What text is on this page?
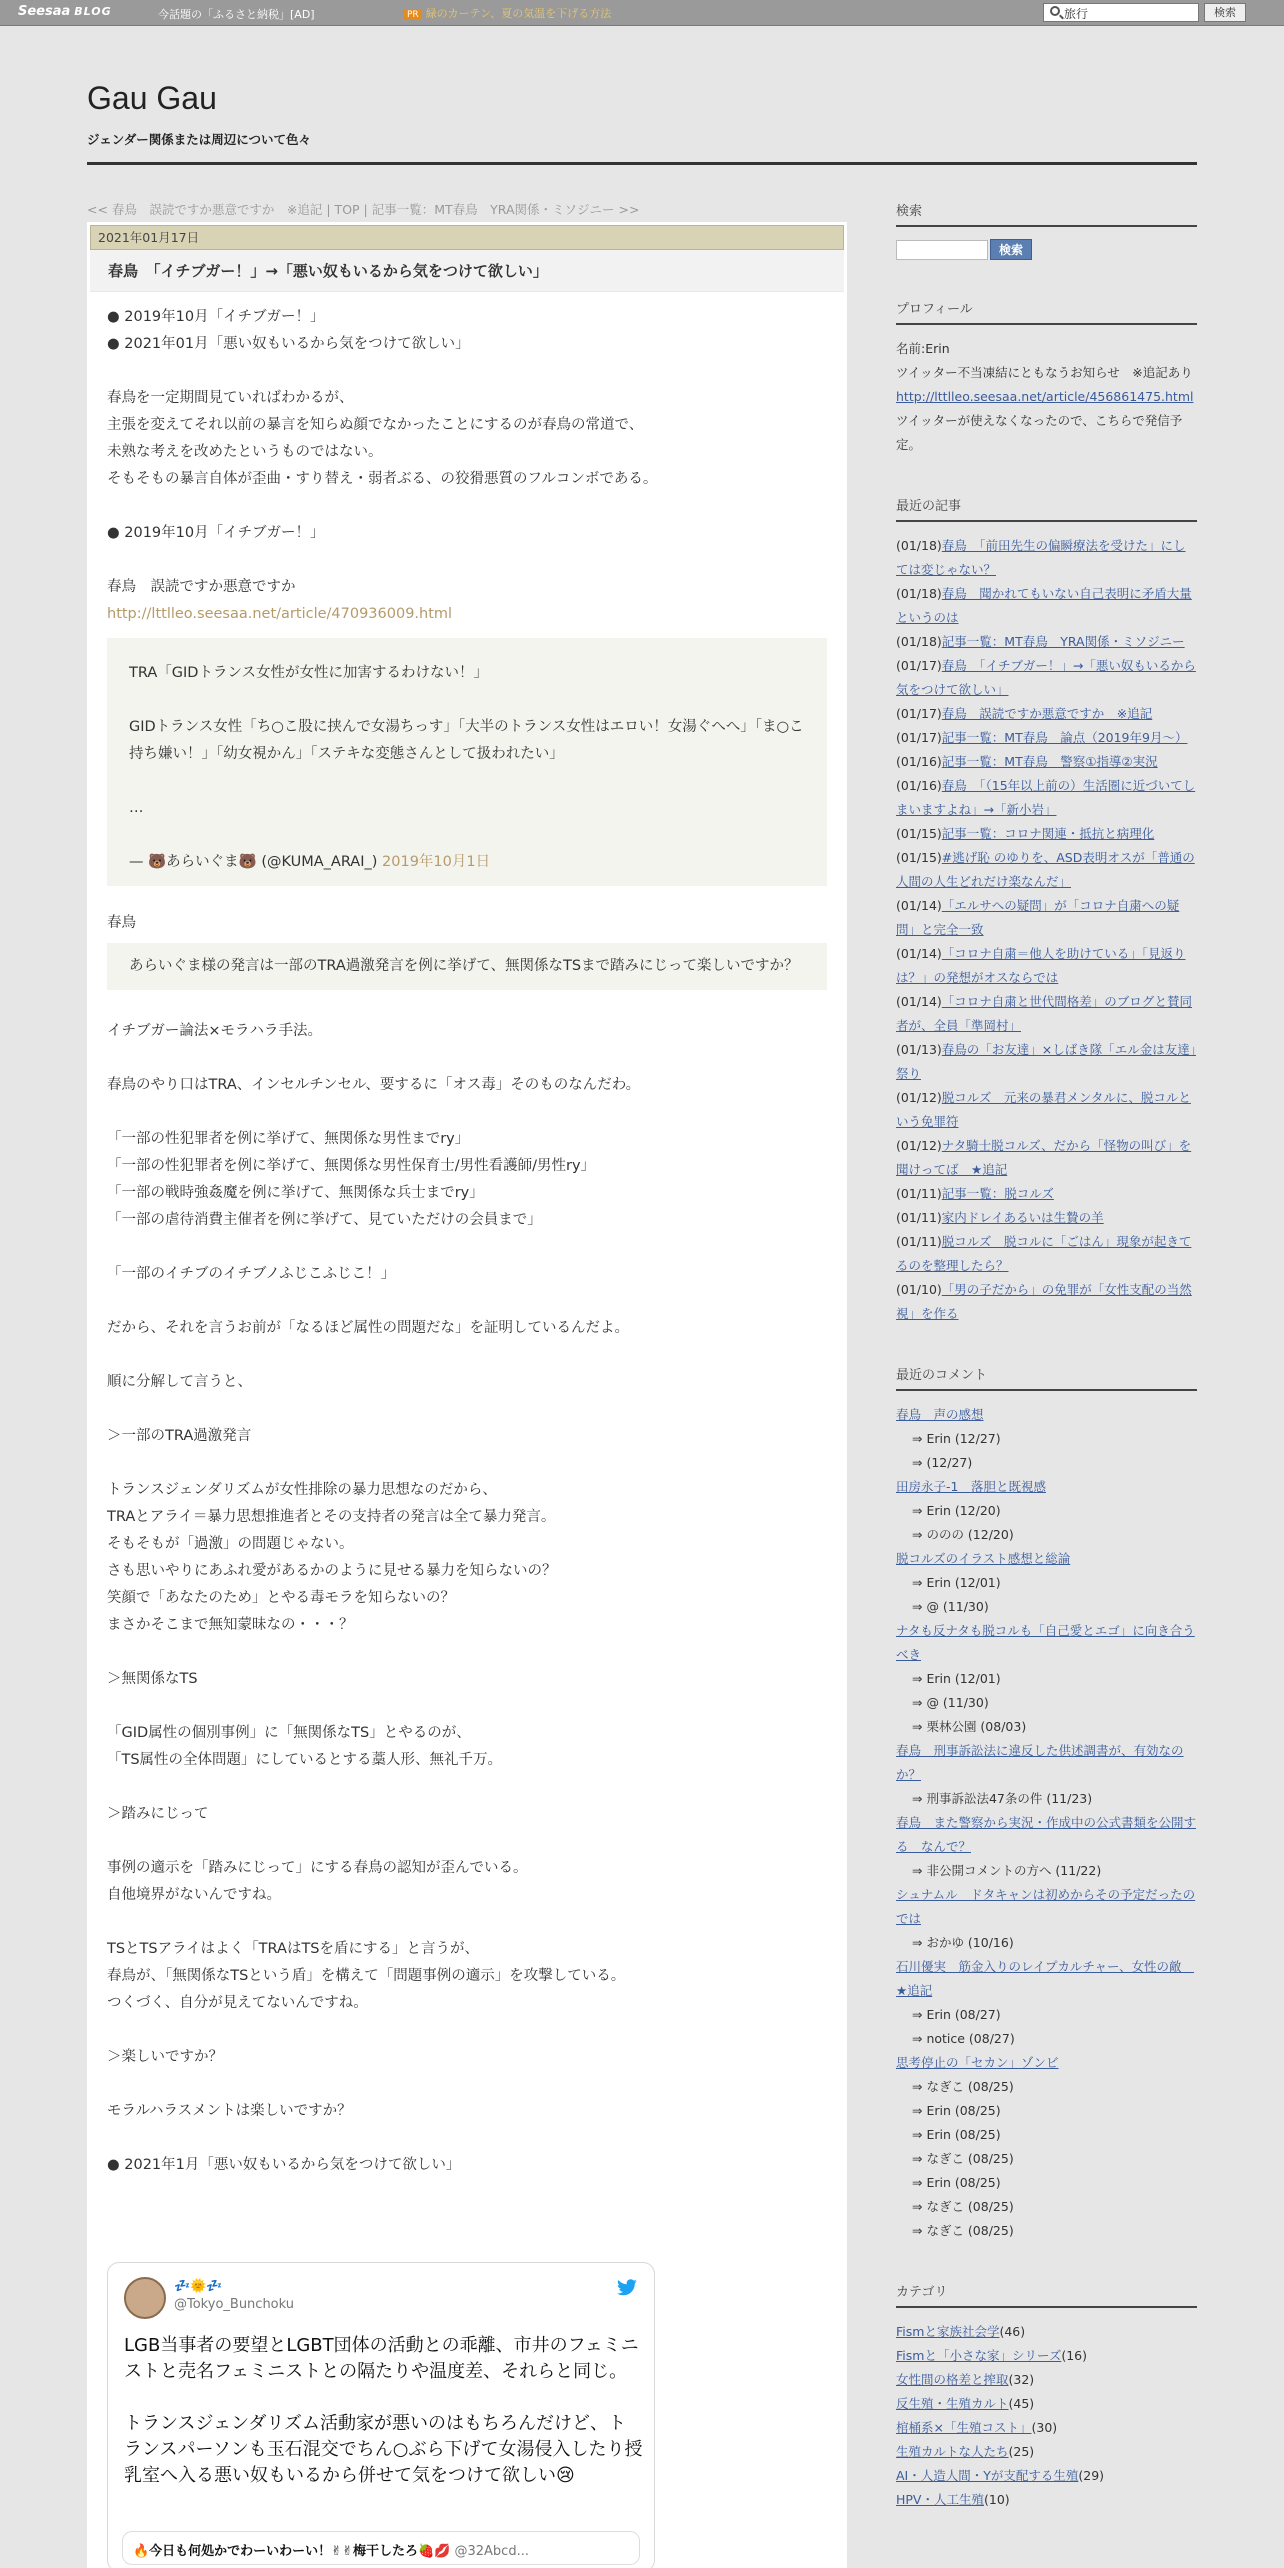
Seesaa BLOG	今話題の「ふるさと納税」[AD]	PR 緑のカーテン、夏の気温を下げる方法	旅行	検索
Gau Gau
ジェンダー関係または周辺について色々
<< 春鳥　誤読ですか悪意ですか　※追記 | TOP | 記事一覧：MT春鳥　YRA関係・ミソジニー >>
2021年01月17日
春鳥　「イチブガー！」→「悪い奴もいるから気をつけて欲しい」

● 2019年10月「イチブガー！」

● 2021年01月「悪い奴もいるから気をつけて欲しい」

春鳥を一定期間見ていればわかるが、

主張を変えてそれ以前の暴言を知らぬ顔でなかったことにするのが春鳥の常道で、

未熟な考えを改めたというものではない。

そもそもの暴言自体が歪曲・すり替え・弱者ぶる、の狡猾悪質のフルコンボである。

● 2019年10月「イチブガー！」

春鳥　誤読ですか悪意ですか

http://lttlleo.seesaa.net/article/470936009.html

TRA「GIDトランス女性が女性に加害するわけない！」

GIDトランス女性「ち○こ股に挟んで女湯ちっす」「大半のトランス女性はエロい！女湯ぐへへ」「ま○こ持ち嫌い！」「幼女視かん」「ステキな変態さんとして扱われたい」

…

— 🐻あらいぐま🐻 (@KUMA_ARAI_) 2019年10月1日

春鳥

あらいぐま様の発言は一部のTRA過激発言を例に挙げて、無関係なTSまで踏みにじって楽しいですか？

イチブガー論法×モラハラ手法。

春鳥のやり口はTRA、インセルチンセル、要するに「オス毒」そのものなんだわ。

「一部の性犯罪者を例に挙げて、無関係な男性までry」

「一部の性犯罪者を例に挙げて、無関係な男性保育士/男性看護師/男性ry」

「一部の戦時強姦魔を例に挙げて、無関係な兵士までry」

「一部の虐待消費主催者を例に挙げて、見ていただけの会員まで」

「一部のイチブのイチブノふじこふじこ！」

だから、それを言うお前が「なるほど属性の問題だな」を証明しているんだよ。

順に分解して言うと、

＞一部のTRA過激発言

トランスジェンダリズムが女性排除の暴力思想なのだから、

TRAとアライ＝暴力思想推進者とその支持者の発言は全て暴力発言。

そもそもが「過激」の問題じゃない。

さも思いやりにあふれ愛があるかのように見せる暴力を知らないの？

笑顔で「あなたのため」とやる毒モラを知らないの？

まさかそこまで無知蒙昧なの・・・？

＞無関係なTS

「GID属性の個別事例」に「無関係なTS」とやるのが、

「TS属性の全体問題」にしているとする藁人形、無礼千万。

＞踏みにじって

事例の適示を「踏みにじって」にする春鳥の認知が歪んでいる。

自他境界がないんですね。

TSとTSアライはよく「TRAはTSを盾にする」と言うが、

春鳥が、「無関係なTSという盾」を構えて「問題事例の適示」を攻撃している。

つくづく、自分が見えてないんですね。

＞楽しいですか？

モラルハラスメントは楽しいですか？

● 2021年1月「悪い奴もいるから気をつけて欲しい」

💤🌞💤
@Tokyo_Bunchoku

LGB当事者の要望とLGBT団体の活動との乖離、市井のフェミニストと売名フェミニストとの隔たりや温度差、それらと同じ。

トランスジェンダリズム活動家が悪いのはもちろんだけど、トランスパーソンも玉石混交でちん○ぶら下げて女湯侵入したり授乳室へ入る悪い奴もいるから併せて気をつけて欲しい😢

🔥今日も何処かでわーいわーい！✌✌梅干したろ🍓💋 @32Abcd...
検索
検索
プロフィール

名前:Erin

ツイッター不当凍結にともなうお知らせ　※追記あり

http://lttlleo.seesaa.net/article/456861475.html

ツイッターが使えなくなったので、こちらで発信予定。

最近の記事
(01/18)春鳥　「前田先生の偏瞬療法を受けた」にしては変じゃない？
(01/18)春鳥　聞かれてもいない自己表明に矛盾大量というのは
(01/18)記事一覧：MT春鳥　YRA関係・ミソジニー
(01/17)春鳥　「イチブガー！」→「悪い奴もいるから気をつけて欲しい」
(01/17)春鳥　誤読ですか悪意ですか　※追記
(01/17)記事一覧：MT春鳥　論点（2019年9月～）
(01/16)記事一覧：MT春鳥　警察①指導②実況
(01/16)春鳥　「（15年以上前の）生活圏に近づいてしまいますよね」→「新小岩」
(01/15)記事一覧：コロナ関連・抵抗と病理化
(01/15)#逃げ恥 のゆりを、ASD表明オスが「普通の人間の人生どれだけ楽なんだ」
(01/14)「エルサへの疑問」が「コロナ自粛への疑問」と完全一致
(01/14)「コロナ自粛＝他人を助けている」「見返りは？」の発想がオスならでは
(01/14)「コロナ自粛と世代間格差」のブログと賛同者が、全員「準岡村」
(01/13)春鳥の「お友達」×しばき隊「エル金は友達」祭り
(01/12)脱コルズ　元来の暴君メンタルに、脱コルという免罪符
(01/12)ナタ騎士脱コルズ、だから「怪物の叫び」を聞けってば　★追記
(01/11)記事一覧：脱コルズ
(01/11)家内ドレイあるいは生贄の羊
(01/11)脱コルズ　脱コルに「ごはん」現象が起きてるのを整理したら？
(01/10)「男の子だから」の免罪が「女性支配の当然視」を作る
最近のコメント
春鳥　声の感想
⇒ Erin (12/27)
⇒ (12/27)
田房永子-1　落胆と既視感
⇒ Erin (12/20)
⇒ ののの (12/20)
脱コルズのイラスト感想と総論
⇒ Erin (12/01)
⇒ @ (11/30)
ナタも反ナタも脱コルも「自己愛とエゴ」に向き合うべき
⇒ Erin (12/01)
⇒ @ (11/30)
⇒ 栗林公園 (08/03)
春鳥　刑事訴訟法に違反した供述調書が、有効なのか？
⇒ 刑事訴訟法47条の件 (11/23)
春鳥　また警察から実況・作成中の公式書類を公開する　なんで？
⇒ 非公開コメントの方へ (11/22)
シュナムル　ドタキャンは初めからその予定だったのでは
⇒ おかゆ (10/16)
石川優実　筋金入りのレイプカルチャー、女性の敵　★追記
⇒ Erin (08/27)
⇒ notice (08/27)
思考停止の「セカン」ゾンビ
⇒ なぎこ (08/25)
⇒ Erin (08/25)
⇒ Erin (08/25)
⇒ なぎこ (08/25)
⇒ Erin (08/25)
⇒ なぎこ (08/25)
⇒ なぎこ (08/25)
カテゴリ
Fismと家族社会学(46)
Fismと「小さな家」シリーズ(16)
女性間の格差と搾取(32)
反生殖・生殖カルト(45)
棺桶系×「生殖コスト」(30)
生殖カルトな人たち(25)
AI・人造人間・Yが支配する生殖(29)
HPV・人工生殖(10)
